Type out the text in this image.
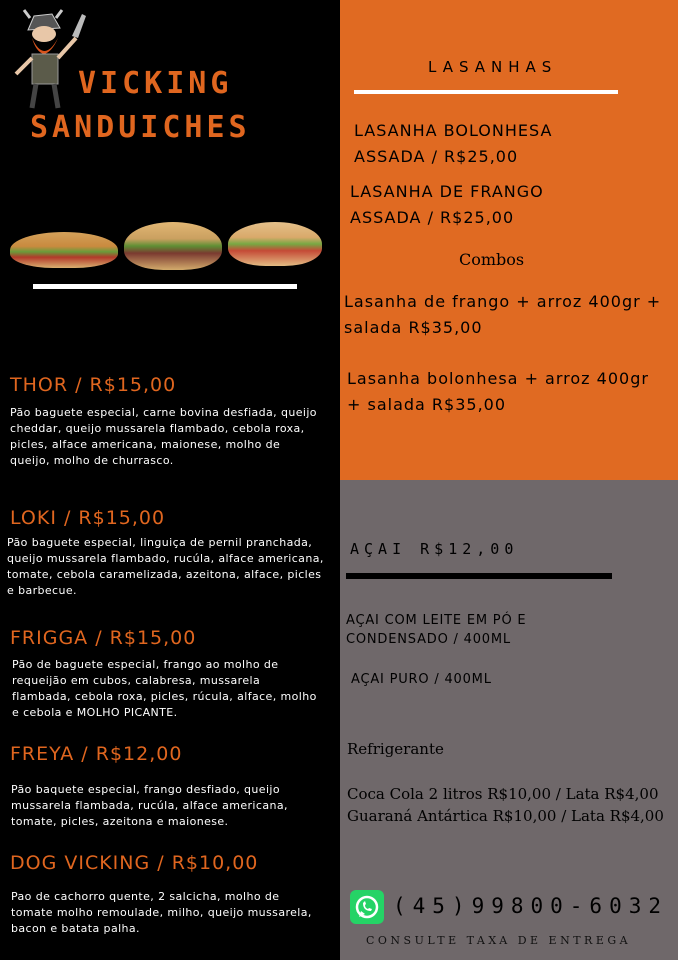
VICKING
SANDUICHES
THOR / R$15,00
Pão baguete especial, carne bovina desfiada, queijo cheddar, queijo mussarela flambado, cebola roxa, picles, alface americana, maionese, molho de queijo, molho de churrasco.
LOKI / R$15,00
Pão baguete especial, linguiça de pernil pranchada, queijo mussarela flambado, rucúla, alface americana, tomate, cebola caramelizada, azeitona, alface, picles e barbecue.
FRIGGA / R$15,00
Pão de baguete especial, frango ao molho de requeijão em cubos, calabresa, mussarela flambada, cebola roxa, picles, rúcula, alface, molho e cebola e MOLHO PICANTE.
FREYA / R$12,00
Pão baquete especial, frango desfiado, queijo mussarela flambada, rucúla, alface americana, tomate, picles, azeitona e maionese.
DOG VICKING / R$10,00
Pao de cachorro quente, 2 salcicha, molho de tomate molho remoulade, milho, queijo mussarela, bacon e batata palha.
LASANHAS
LASANHA BOLONHESA ASSADA / R$25,00
LASANHA DE FRANGO ASSADA / R$25,00
Combos
Lasanha de frango + arroz 400gr + salada R$35,00
Lasanha bolonhesa + arroz 400gr + salada R$35,00
AÇAI R$12,00
AÇAI COM LEITE EM PÓ E CONDENSADO / 400ML
AÇAI PURO / 400ML
Refrigerante
Coca Cola 2 litros R$10,00 / Lata R$4,00
Guaraná Antártica R$10,00 / Lata R$4,00
(45)99800-6032
CONSULTE TAXA DE ENTREGA
